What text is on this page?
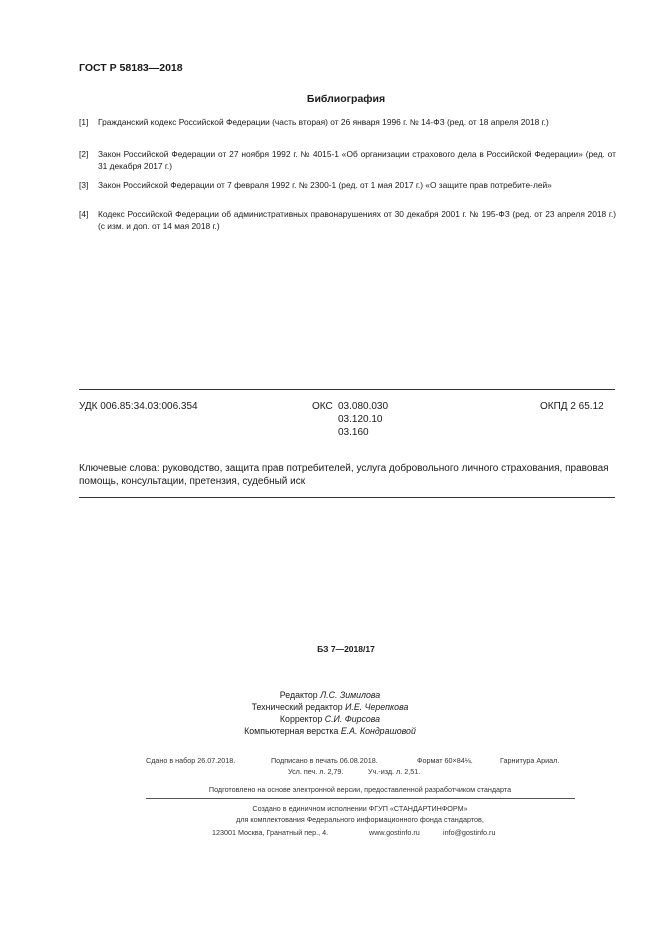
ГОСТ Р 58183—2018
Библиография
[1] Гражданский кодекс Российской Федерации (часть вторая) от 26 января 1996 г. № 14-ФЗ (ред. от 18 апреля 2018 г.)
[2] Закон Российской Федерации от 27 ноября 1992 г. № 4015-1 «Об организации страхового дела в Российской Федерации» (ред. от 31 декабря 2017 г.)
[3] Закон Российской Федерации от 7 февраля 1992 г. № 2300-1 (ред. от 1 мая 2017 г.) «О защите прав потребите-лей»
[4] Кодекс Российской Федерации об административных правонарушениях от 30 декабря 2001 г. № 195-ФЗ (ред. от 23 апреля 2018 г.) (с изм. и доп. от 14 мая 2018 г.)
УДК 006.85:34.03:006.354	ОКС 03.080.030
03.120.10
03.160
ОКПД 2 65.12
Ключевые слова: руководство, защита прав потребителей, услуга добровольного личного страхования, правовая помощь, консультации, претензия, судебный иск
БЗ 7—2018/17
Редактор Л.С. Зимилова
Технический редактор И.Е. Черепкова
Корректор С.И. Фирсова
Компьютерная верстка Е.А. Кондрашовой
Сдано в набор 26.07.2018.	Подписано в печать 06.08.2018.	Формат 60×84⅛.	Гарнитура Ариал.
Усл. печ. л. 2,79.	Уч.-изд. л. 2,51.
Подготовлено на основе электронной версии, предоставленной разработчиком стандарта
Создано в единичном исполнении ФГУП «СТАНДАРТИНФОРМ»
для комплектования Федерального информационного фонда стандартов,
123001 Москва, Гранатный пер., 4.	www.gostinfo.ru	info@gostinfo.ru
